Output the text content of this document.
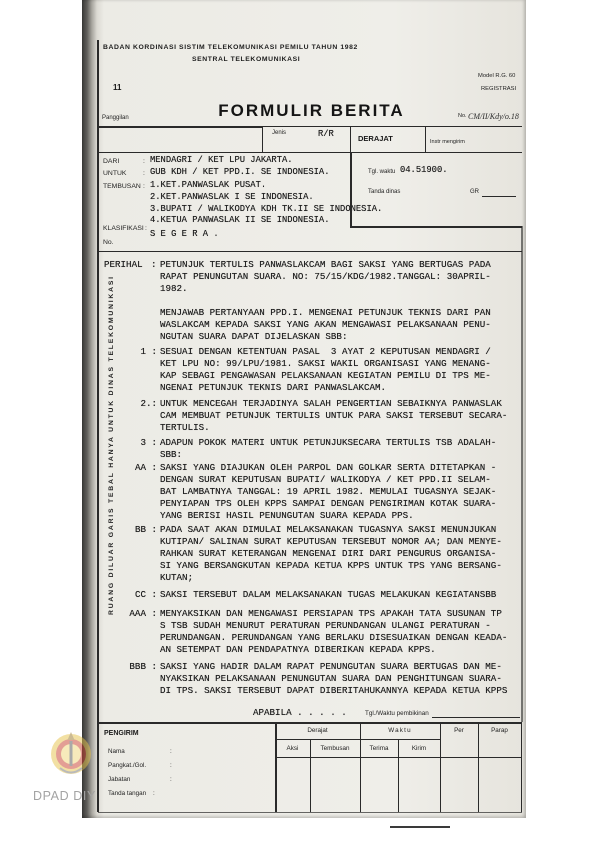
BADAN KORDINASI SISTIM TELEKOMUNIKASI PEMILU TAHUN 1982
SENTRAL TELEKOMUNIKASI
11
Model R.G. 60
REGISTRASI
No. CM/II/Kdy/o.18
FORMULIR BERITA
Panggilan
Jenis	R/R	DERAJAT	Instr mengirim
DARI	: MENDAGRI / KET LPU JAKARTA.
UNTUK : GUB KDH / KET PPD.I. SE INDONESIA.
TEMBUSAN : 1.KET.PANWASLAK PUSAT.
2.KET.PANWASLAK I SE INDONESIA.
3.BUPATI / WALIKODYA KDH TK.II SE INDONESIA.
4.KETUA PANWASLAK II SE INDONESIA.
KLASIFIKASI :
S E G E R A .
No.
Tgl. waktu 04.51900.
Tanda dinas	GR
RUANG DILUAR GARIS TEBAL HANYA UNTUK DINAS TELEKOMUNIKASI
PERIHAL : PETUNJUK TERTULIS PANWASLAKCAM BAGI SAKSI YANG BERTUGAS PADA
RAPAT PENUNGUTAN SUARA. NO: 75/15/KDG/1982.TANGGAL: 30APRIL-
1982.
MENJAWAB PERTANYAAN PPD.I. MENGENAI PETUNJUK TEKNIS DARI PAN
WASLAKCAM KEPADA SAKSI YANG AKAN MENGAWASI PELAKSANAAN PENU-
NGUTAN SUARA DAPAT DIJELASKAN SBB:
1 : SESUAI DENGAN KETENTUAN PASAL  3 AYAT 2 KEPUTUSAN MENDAGRI /
KET LPU NO: 99/LPU/1981. SAKSI WAKIL ORGANISASI YANG MENANG-
KAP SEBAGI PENGAWASAN PELAKSANAAN KEGIATAN PEMILU DI TPS ME-
NGENAI PETUNJUK TEKNIS DARI PANWASLAKCAM.
2.: UNTUK MENCEGAH TERJADINYA SALAH PENGERTIAN SEBAIKNYA PANWASLAK
CAM MEMBUAT PETUNJUK TERTULIS UNTUK PARA SAKSI TERSEBUT SECARA-
TERTULIS.
3 : ADAPUN POKOK MATERI UNTUK PETUNJUKSECARA TERTULIS TSB ADALAH-
SBB:
AA : SAKSI YANG DIAJUKAN OLEH PARPOL DAN GOLKAR SERTA DITETAPKAN -
DENGAN SURAT KEPUTUSAN BUPATI/ WALIKODYA / KET PPD.II SELAM-
BAT LAMBATNYA TANGGAL: 19 APRIL 1982. MEMULAI TUGASNYA SEJAK-
PENYIAPAN TPS OLEH KPPS SAMPAI DENGAN PENGIRIMAN KOTAK SUARA-
YANG BERISI HASIL PENUNGUTAN SUARA KEPADA PPS.
BB : PADA SAAT AKAN DIMULAI MELAKSANAKAN TUGASNYA SAKSI MENUNJUKAN
KUTIPAN/ SALINAN SURAT KEPUTUSAN TERSEBUT NOMOR AA; DAN MENYE-
RAHKAN SURAT KETERANGAN MENGENAI DIRI DARI PENGURUS ORGANISA-
SI YANG BERSANGKUTAN KEPADA KETUA KPPS UNTUK TPS YANG BERSANG-
KUTAN;
CC : SAKSI TERSEBUT DALAM MELAKSANAKAN TUGAS MELAKUKAN KEGIATANSBB
AAA : MENYAKSIKAN DAN MENGAWASI PERSIAPAN TPS APAKAH TATA SUSUNAN TP
S TSB SUDAH MENURUT PERATURAN PERUNDANGAN ULANGI PERATURAN -
PERUNDANGAN. PERUNDANGAN YANG BERLAKU DISESUAIKAN DENGAN KEADA-
AN SETEMPAT DAN PENDAPATNYA DIBERIKAN KEPADA KPPS.
BBB : SAKSI YANG HADIR DALAM RAPAT PENUNGUTAN SUARA BERTUGAS DAN ME-
NYAKSIKAN PELAKSANAAN PENUNGUTAN SUARA DAN PENGHITUNGAN SUARA-
DI TPS. SAKSI TERSEBUT DAPAT DIBERITAHUKANNYA KEPADA KETUA KPPS
APABILA . . . . .	Tgl./Waktu pembikinan
PENGIRIM
Nama	:
Pangkat./Gol.	:
Jabatan	:
Tanda tangan :
Derajat	Waktu	Per	Parap
Aksi	Tembusan	Terima	Kirim
DPAD DIY
